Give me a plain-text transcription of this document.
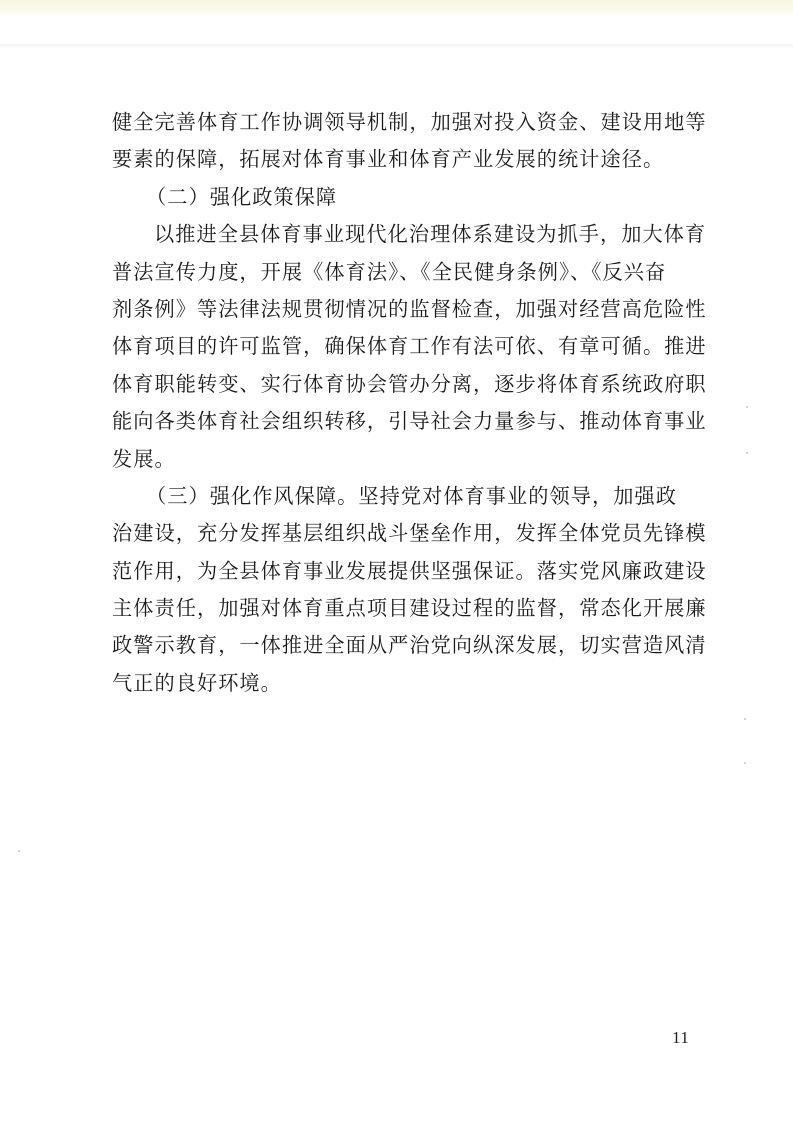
健全完善体育工作协调领导机制，加强对投入资金、建设用地等
要素的保障，拓展对体育事业和体育产业发展的统计途径。
（二）强化政策保障
以推进全县体育事业现代化治理体系建设为抓手，加大体育
普法宣传力度，开展《体育法》、《全民健身条例》、《反兴奋
剂条例》等法律法规贯彻情况的监督检查，加强对经营高危险性
体育项目的许可监管，确保体育工作有法可依、有章可循。推进
体育职能转变、实行体育协会管办分离，逐步将体育系统政府职
能向各类体育社会组织转移，引导社会力量参与、推动体育事业
发展。
（三）强化作风保障。坚持党对体育事业的领导，加强政
治建设，充分发挥基层组织战斗堡垒作用，发挥全体党员先锋模
范作用，为全县体育事业发展提供坚强保证。落实党风廉政建设
主体责任，加强对体育重点项目建设过程的监督，常态化开展廉
政警示教育，一体推进全面从严治党向纵深发展，切实营造风清
气正的良好环境。
11
